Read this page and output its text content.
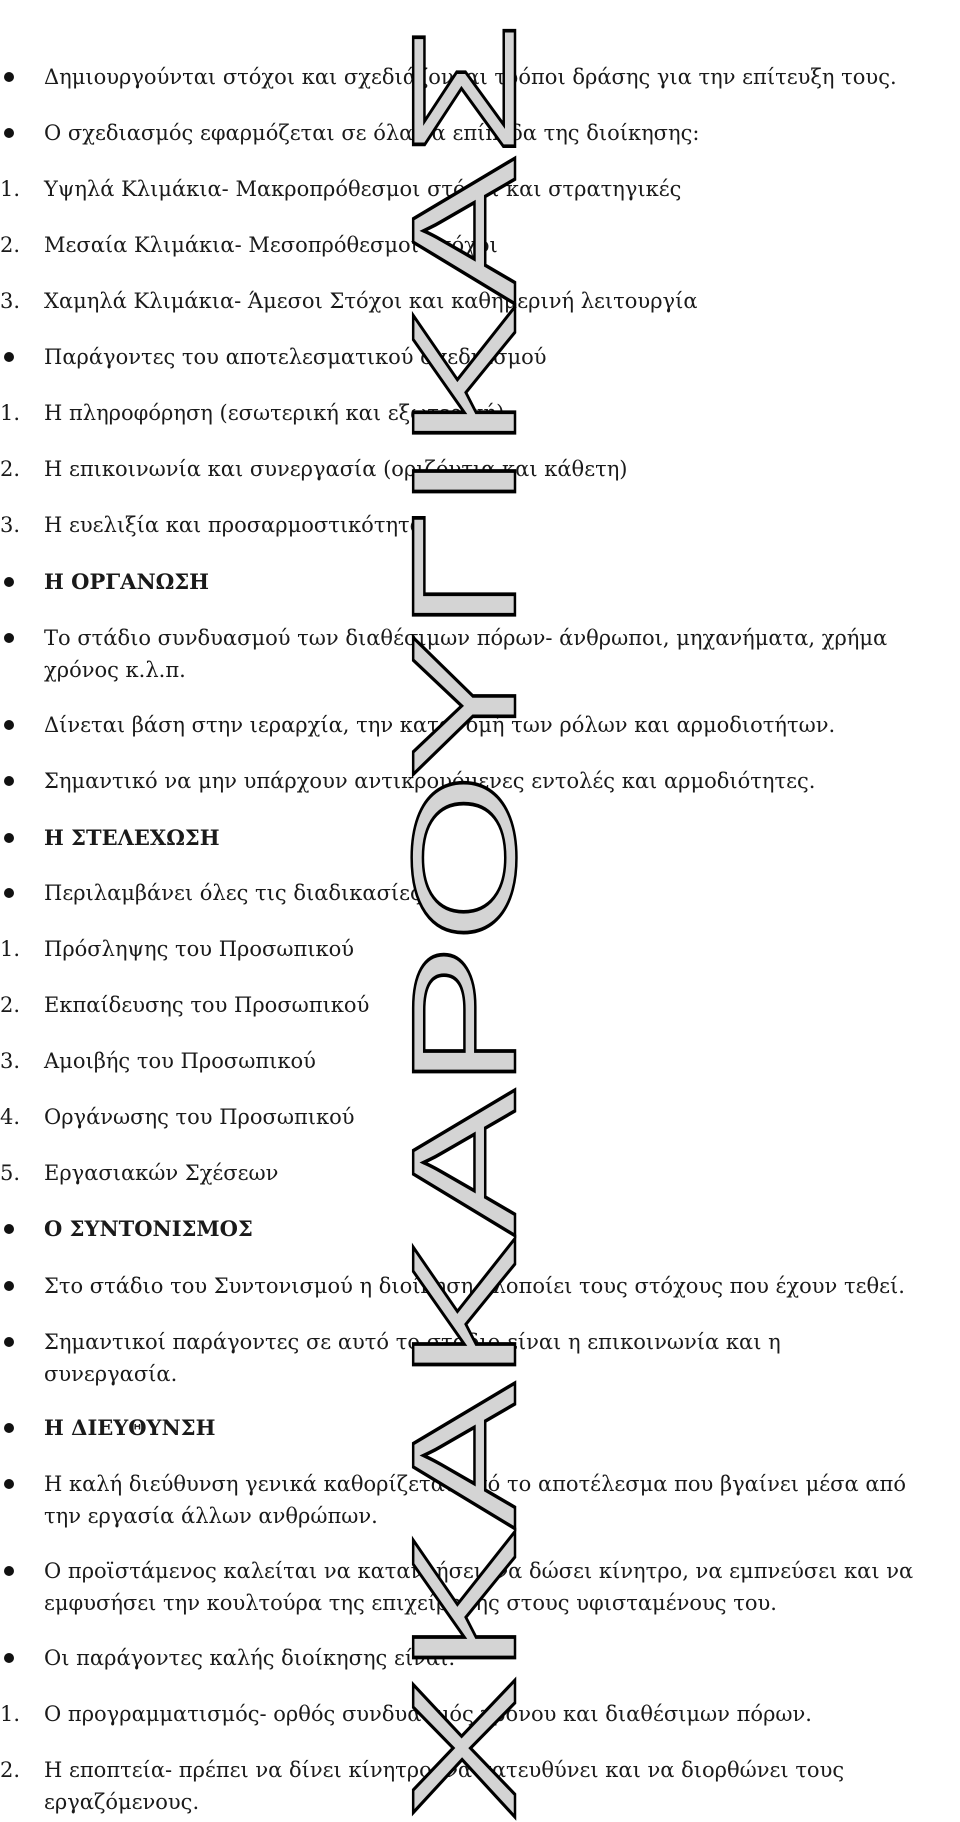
Δημιουργούνται στόχοι και σχεδιάζονται τρόποι δράσης για την επίτευξη τους.
Ο σχεδιασμός εφαρμόζεται σε όλα τα επίπεδα της διοίκησης:
1. Υψηλά Κλιμάκια- Μακροπρόθεσμοι στόχοι και στρατηγικές
2. Μεσαία Κλιμάκια- Μεσοπρόθεσμοι στόχοι
3. Χαμηλά Κλιμάκια- Άμεσοι Στόχοι και καθημερινή λειτουργία
Παράγοντες του αποτελεσματικού σχεδιασμού
1. Η πληροφόρηση (εσωτερική και εξωτερική)
2. Η επικοινωνία και συνεργασία (οριζόντια και κάθετη)
3. Η ευελιξία και προσαρμοστικότητα
Η ΟΡΓΑΝΩΣΗ
Το στάδιο συνδυασμού των διαθέσιμων πόρων- άνθρωποι, μηχανήματα, χρήμα
χρόνος κ.λ.π.
Δίνεται βάση στην ιεραρχία, την κατανομή των ρόλων και αρμοδιοτήτων.
Σημαντικό να μην υπάρχουν αντικρουόμενες εντολές και αρμοδιότητες.
Η ΣΤΕΛΕΧΩΣΗ
Περιλαμβάνει όλες τις διαδικασίες:
1. Πρόσληψης του Προσωπικού
2. Εκπαίδευσης του Προσωπικού
3. Αμοιβής του Προσωπικού
4. Οργάνωσης του Προσωπικού
5. Εργασιακών Σχέσεων
Ο ΣΥΝΤΟΝΙΣΜΟΣ
Στο στάδιο του Συντονισμού η διοίκηση υλοποίει τους στόχους που έχουν τεθεί.
Σημαντικοί παράγοντες σε αυτό το στάδιο είναι η επικοινωνία και η
συνεργασία.
Η ΔΙΕΥΘΥΝΣΗ
Η καλή διεύθυνση γενικά καθορίζεται από το αποτέλεσμα που βγαίνει μέσα από
την εργασία άλλων ανθρώπων.
Ο προϊστάμενος καλείται να κατανοήσει, να δώσει κίνητρο, να εμπνεύσει και να
εμφυσήσει την κουλτούρα της επιχείρησης στους υφισταμένους του.
Οι παράγοντες καλής διοίκησης είναι:
1. Ο προγραμματισμός- ορθός συνδυασμός χρόνου και διαθέσιμων πόρων.
2. Η εποπτεία- πρέπει να δίνει κίνητρο, να κατευθύνει και να διορθώνει τους
εργαζόμενους.	ΧΚΑΚΑΡΟΥΓΙΚΑΣ
